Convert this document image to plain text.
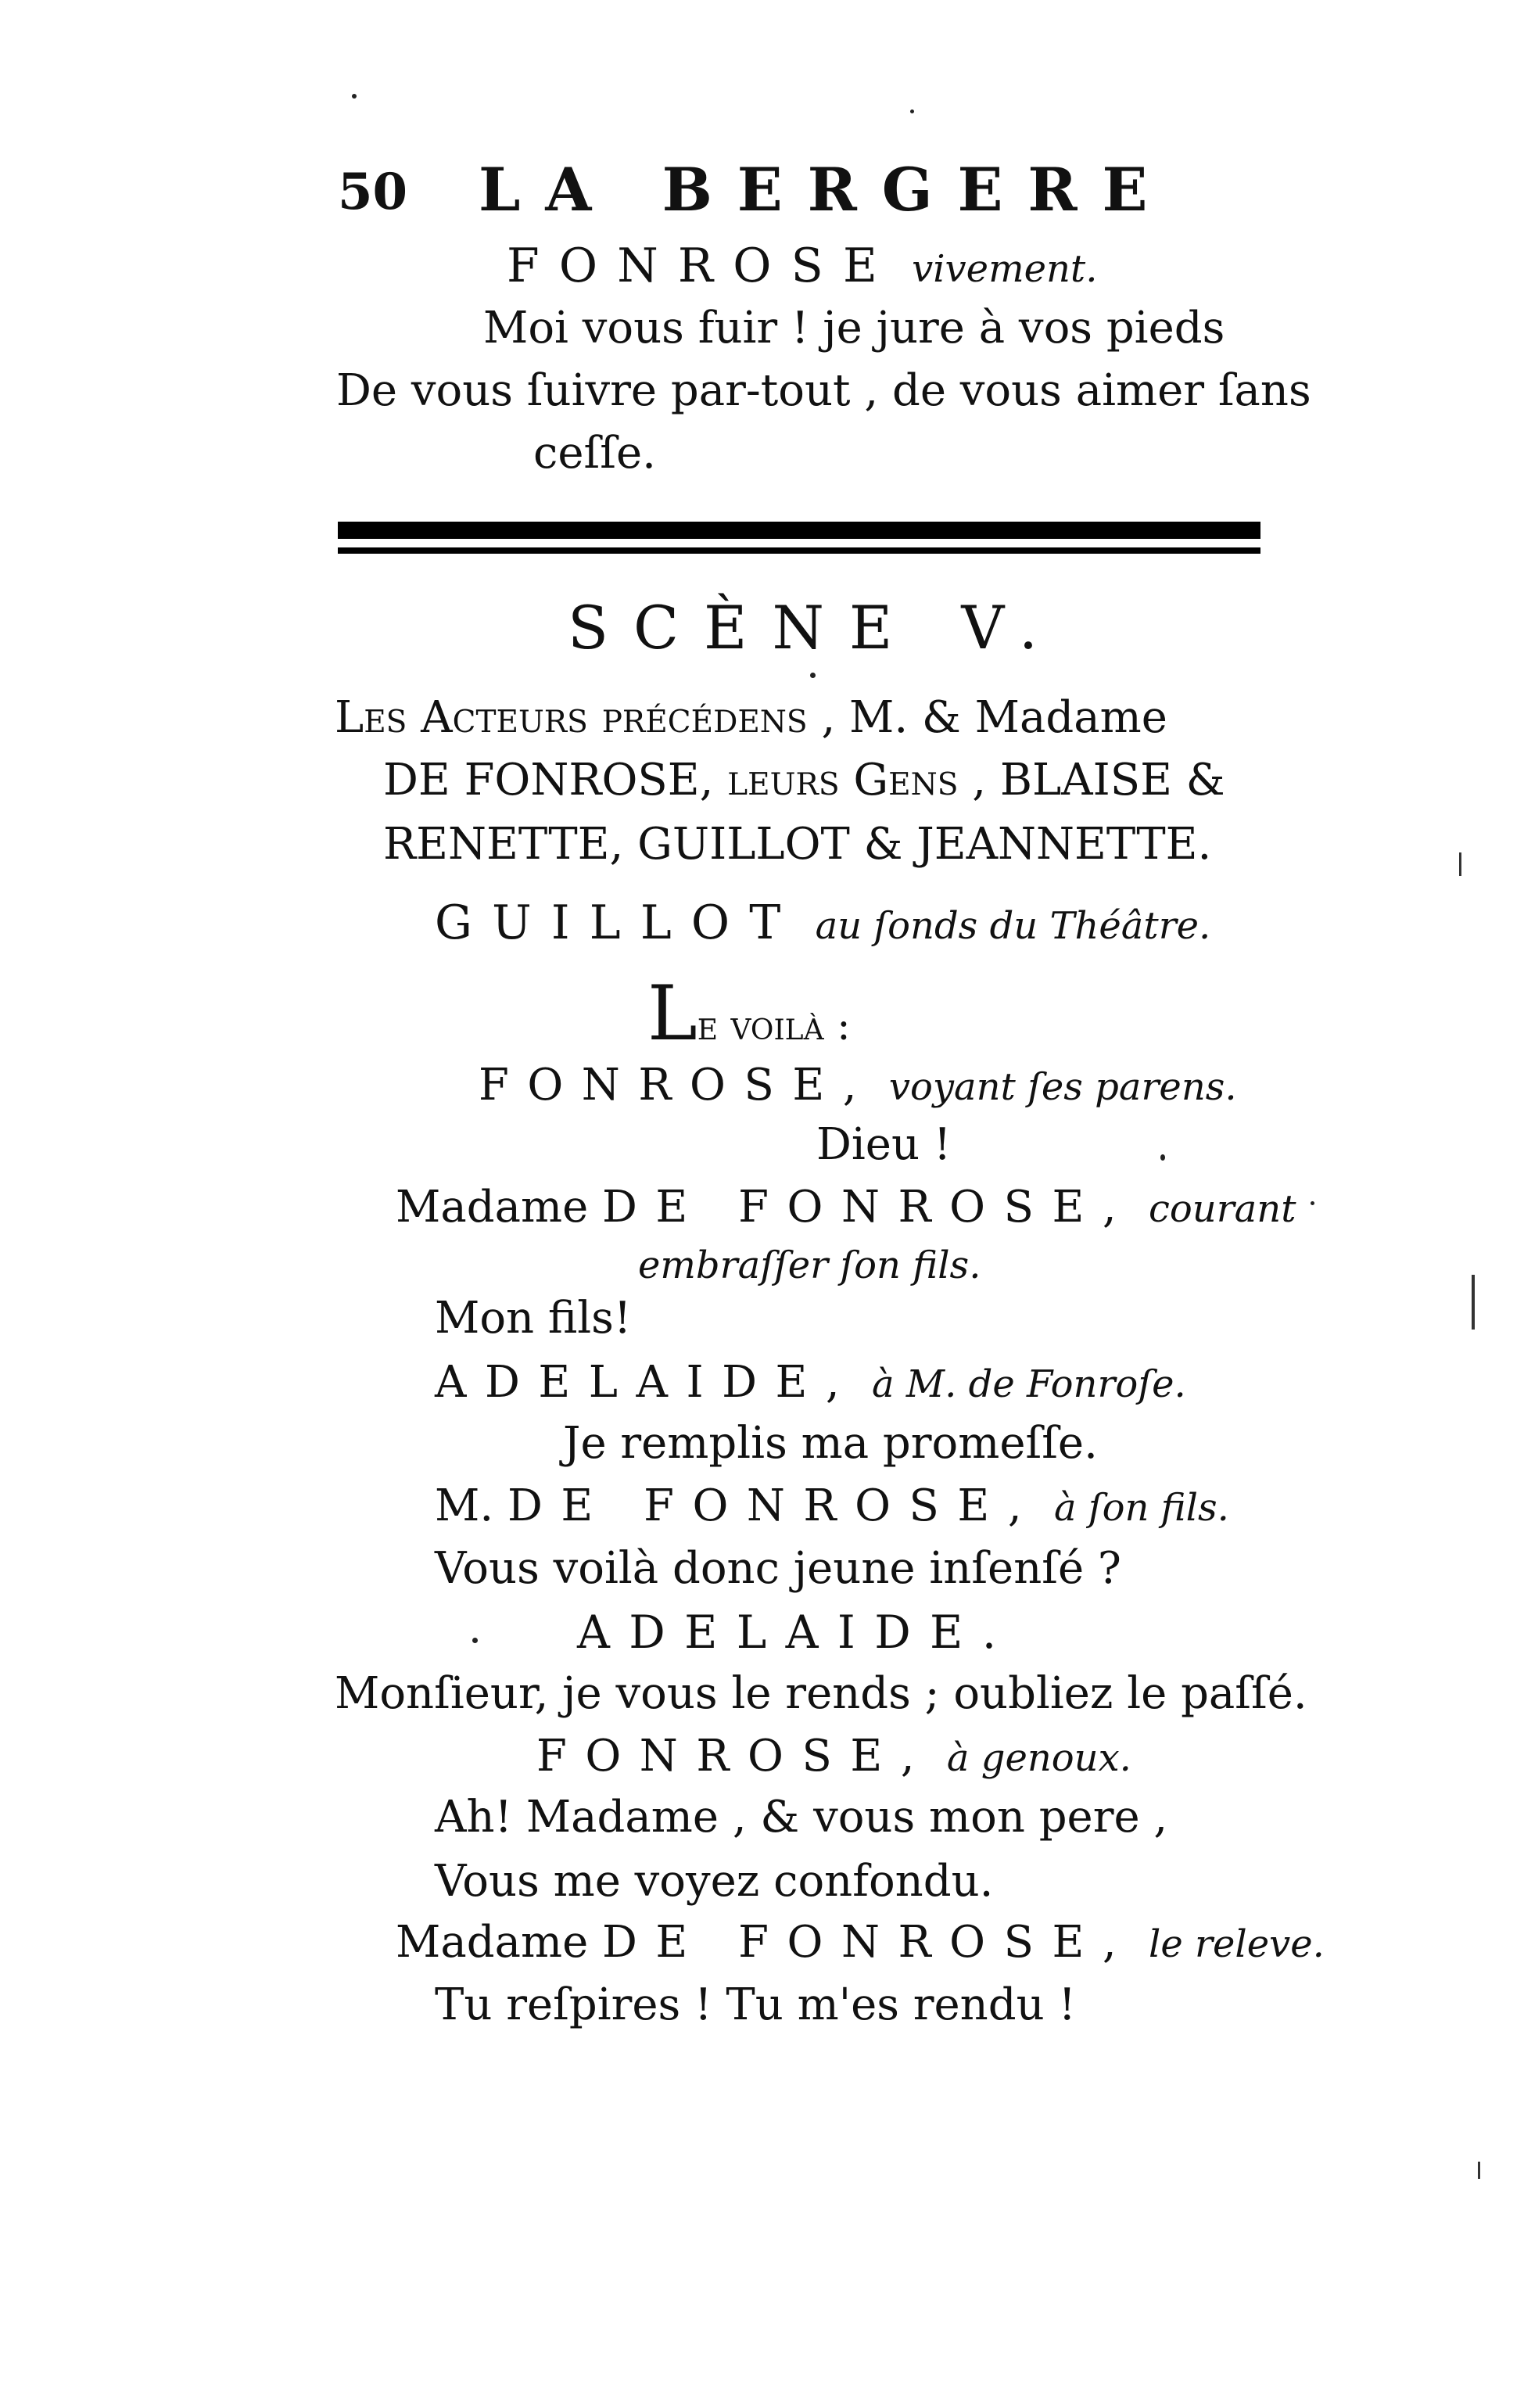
50 LA BERGERE
FONROSE vivement.
Moi vous fuir ! je jure à vos pieds
De vous ſuivre par-tout , de vous aimer ſans
ceſſe.
SCÈNE V.
Les Acteurs précédens , M. & Madame
DE FONROSE, leurs Gens , BLAISE &
RENETTE, GUILLOT & JEANNETTE.
GUILLOT au ſonds du Théâtre.
Le voilà :
FONROSE, voyant ſes parens.
Dieu !
Madame DE FONROSE, courant
embraſſer ſon fils.
Mon fils!
ADELAIDE, à M. de Fonroſe.
Je remplis ma promeſſe.
M. DE FONROSE, à ſon fils.
Vous voilà donc jeune inſenſé ?
ADELAIDE.
Monſieur, je vous le rends ; oubliez le paſſé.
FONROSE, à genoux.
Ah! Madame , & vous mon pere ,
Vous me voyez confondu.
Madame DE FONROSE, le releve.
Tu reſpires ! Tu m'es rendu !
